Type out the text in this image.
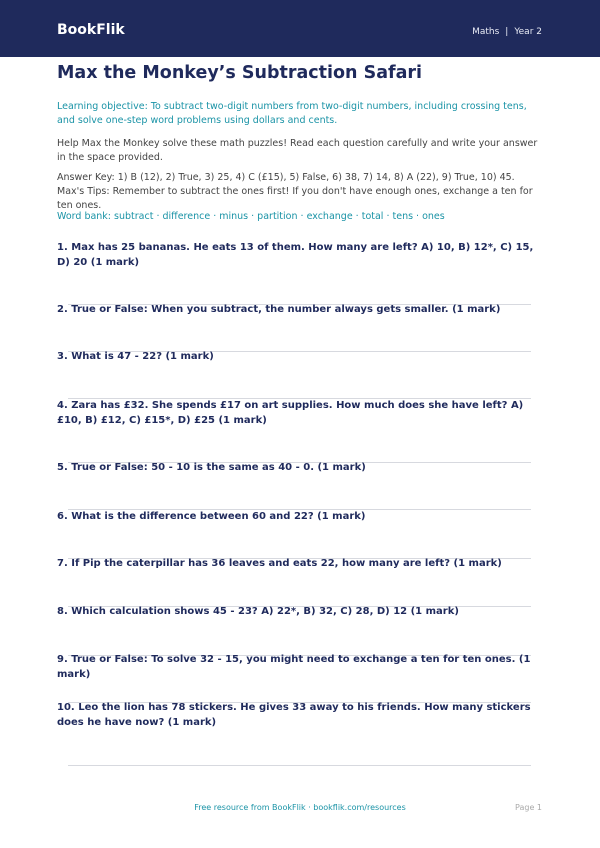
BookFlik	Maths | Year 2
Max the Monkey’s Subtraction Safari
Learning objective: To subtract two-digit numbers from two-digit numbers, including crossing tens, and solve one-step word problems using dollars and cents.
Help Max the Monkey solve these math puzzles! Read each question carefully and write your answer in the space provided.
Answer Key: 1) B (12), 2) True, 3) 25, 4) C (£15), 5) False, 6) 38, 7) 14, 8) A (22), 9) True, 10) 45. Max's Tips: Remember to subtract the ones first! If you don't have enough ones, exchange a ten for ten ones.
Word bank: subtract · difference · minus · partition · exchange · total · tens · ones
1. Max has 25 bananas. He eats 13 of them. How many are left? A) 10, B) 12*, C) 15, D) 20 (1 mark)
2. True or False: When you subtract, the number always gets smaller. (1 mark)
3. What is 47 - 22? (1 mark)
4. Zara has £32. She spends £17 on art supplies. How much does she have left? A) £10, B) £12, C) £15*, D) £25 (1 mark)
5. True or False: 50 - 10 is the same as 40 - 0. (1 mark)
6. What is the difference between 60 and 22? (1 mark)
7. If Pip the caterpillar has 36 leaves and eats 22, how many are left? (1 mark)
8. Which calculation shows 45 - 23? A) 22*, B) 32, C) 28, D) 12 (1 mark)
9. True or False: To solve 32 - 15, you might need to exchange a ten for ten ones. (1 mark)
10. Leo the lion has 78 stickers. He gives 33 away to his friends. How many stickers does he have now? (1 mark)
Free resource from BookFlik · bookflik.com/resources	Page 1
